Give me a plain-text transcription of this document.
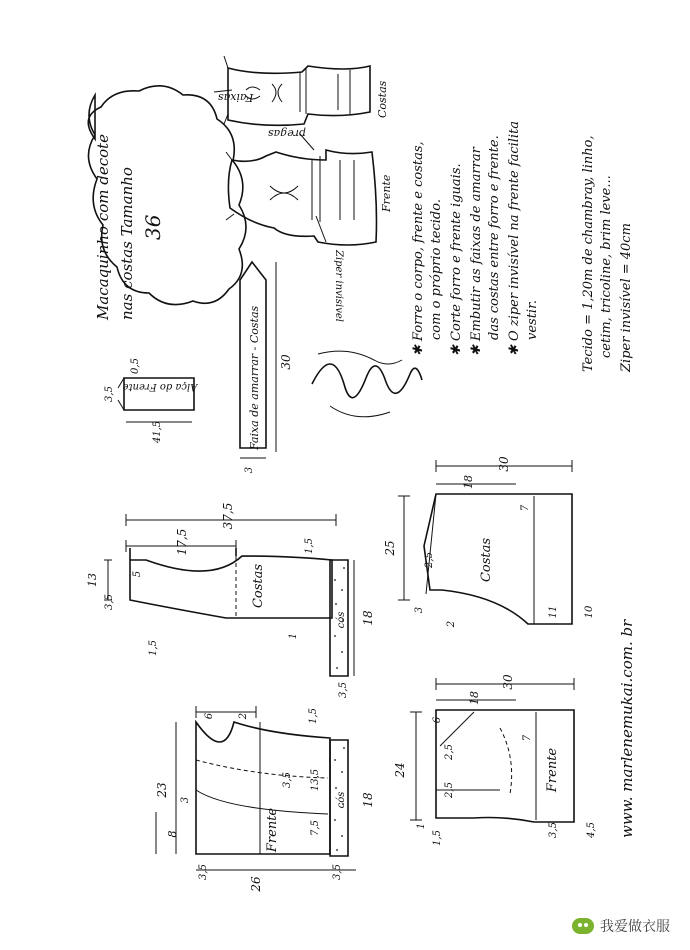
Macaquinho com decote nas costas Tamanho 36
Costas
Faixas
Frente
pregas
Ziper invisivel
Alça do Frente
3,5
0,5
41,5	Faixa de amarrar - Costas 30
3
✱ Forre o corpo, frente e costas, com o próprio tecido. ✱ Corte forro e frente iguais. ✱ Embutir as faixas de amarrar das costas entre forro e frente. ✱ O ziper invisível na frente facilita vestir.	Tecido = 1,20m de chambray, linho, cetim, tricoline, brim leve... Ziper invisível = 40cm
37,5
17,5
13
3,5
5
1,5
1,5
18
1
3,5
Costas
cós
26
23
6 2
3
8
18
7,5
13,5
3,5
1,5
3,5	3,5
Frente
cós
30
18
25
2,5
2
3
7
11	10
Costas
30
18
24
6
2,5
2,5
7
1
1,5
3,5	4,5
Frente	www. marlenemukai.com. br
我爱做衣服
